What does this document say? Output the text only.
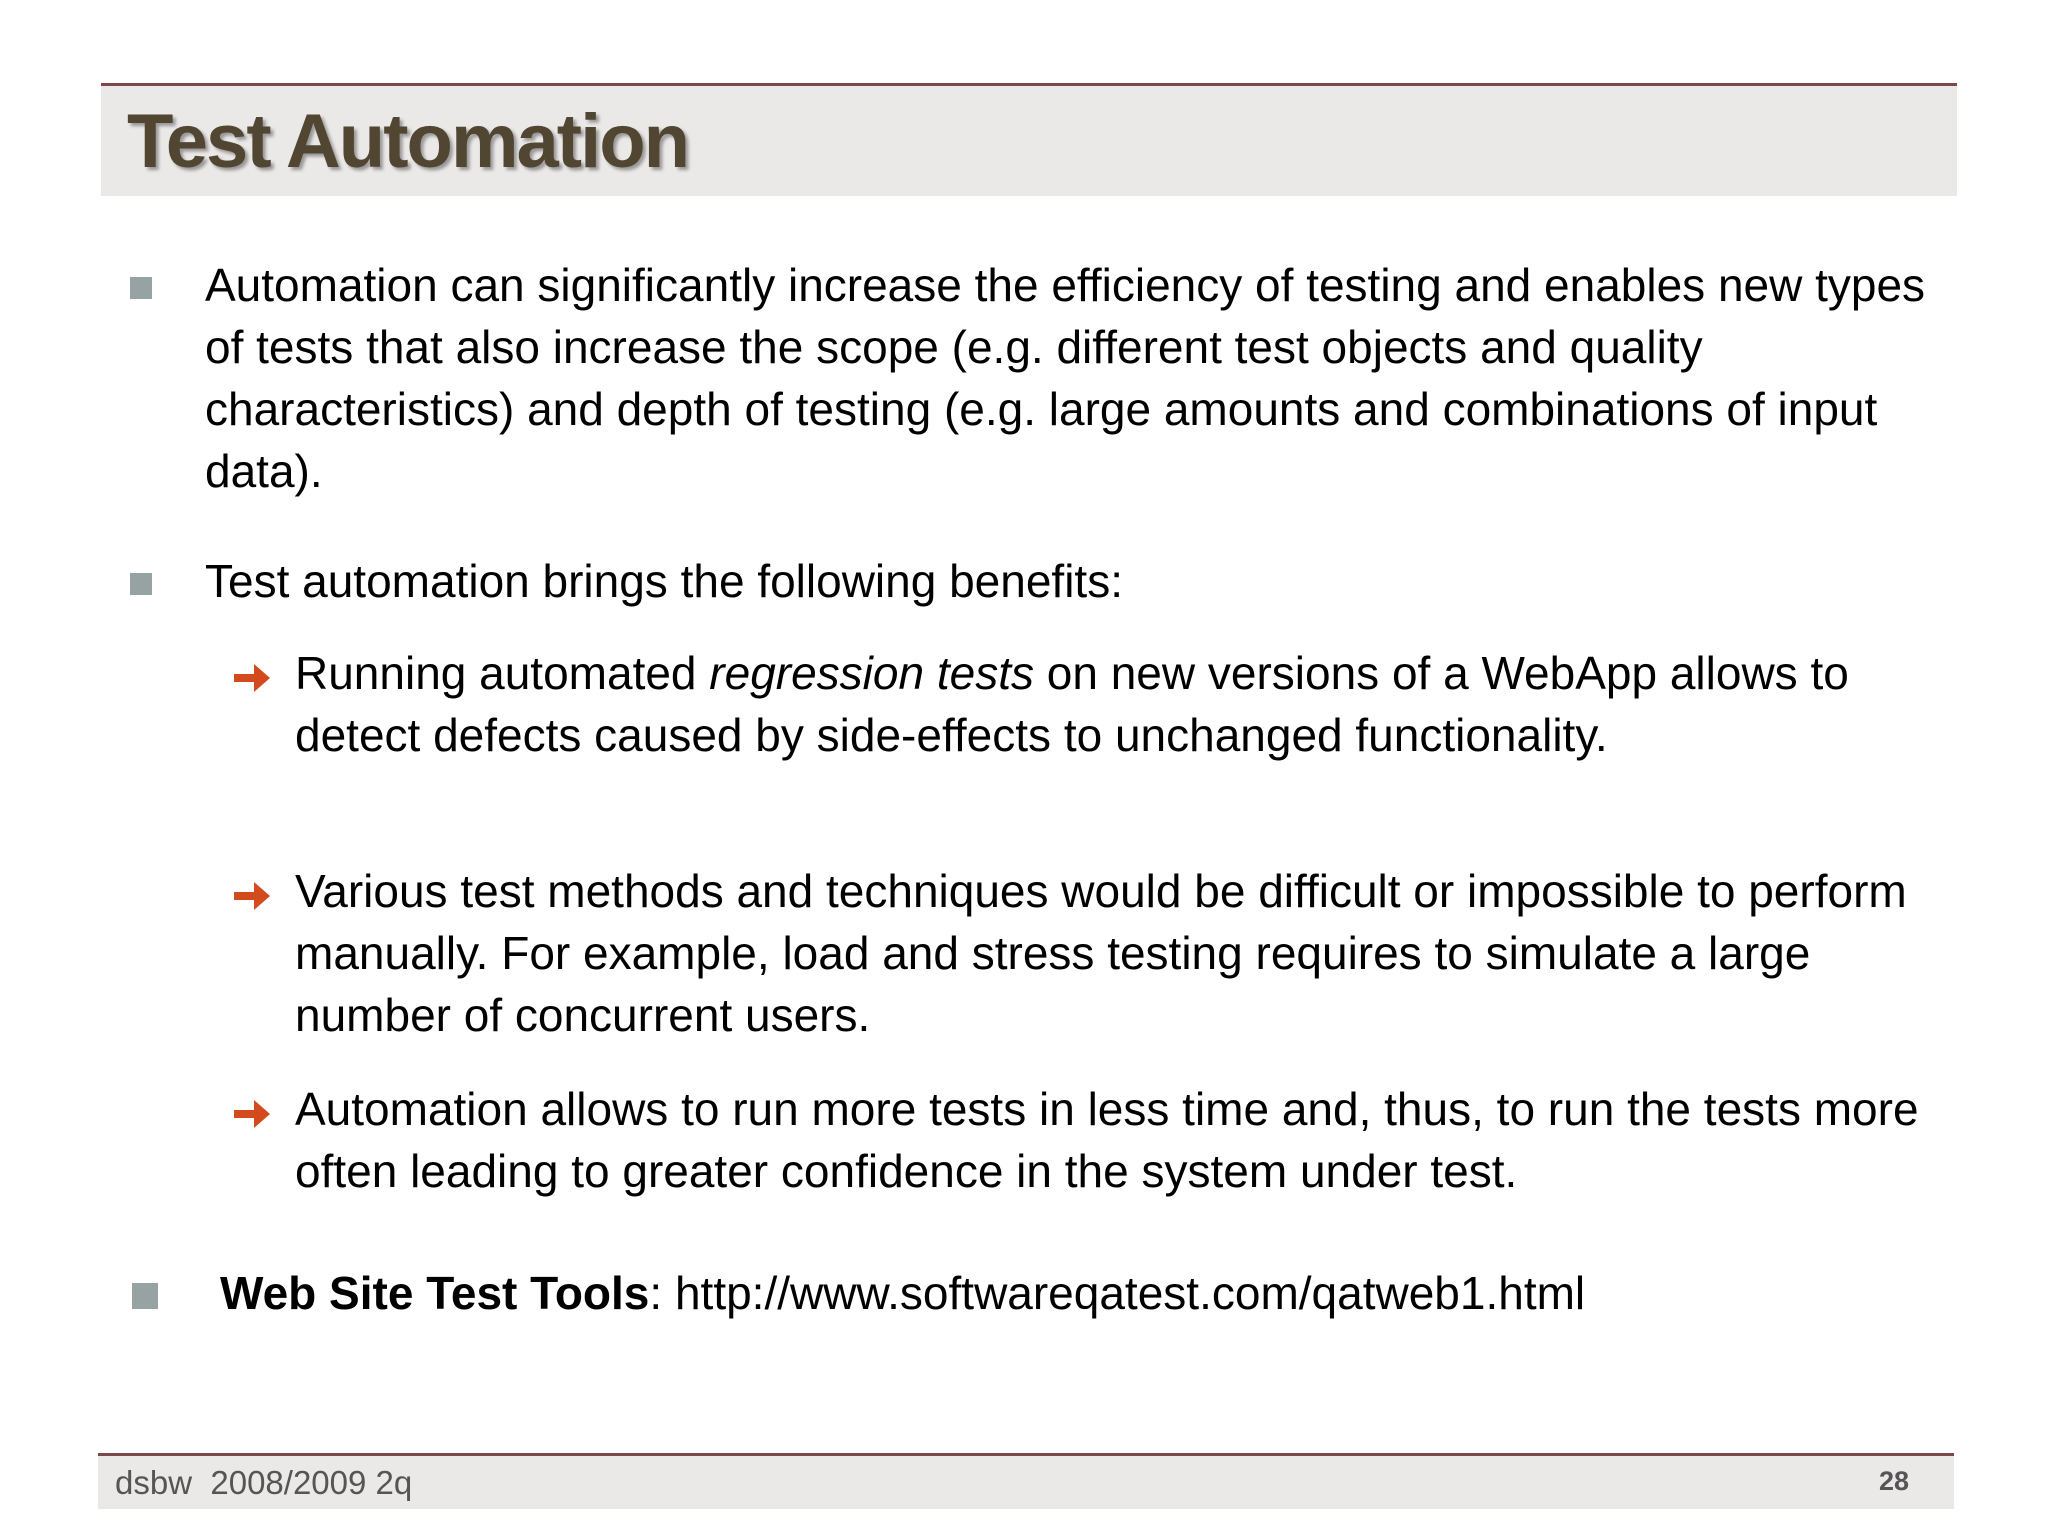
Test Automation
Automation can significantly increase the efficiency of testing and enables new types of tests that also increase the scope (e.g. different test objects and quality characteristics) and depth of testing (e.g. large amounts and combinations of input data).
Test automation brings the following benefits:
Running automated regression tests on new versions of a WebApp allows to detect defects caused by side-effects to unchanged functionality.
Various test methods and techniques would be difficult or impossible to perform manually. For example, load and stress testing requires to simulate a large number of concurrent users.
Automation allows to run more tests in less time and, thus, to run the tests more often leading to greater confidence in the system under test.
Web Site Test Tools: http://www.softwareqatest.com/qatweb1.html
dsbw  2008/2009 2q	28
